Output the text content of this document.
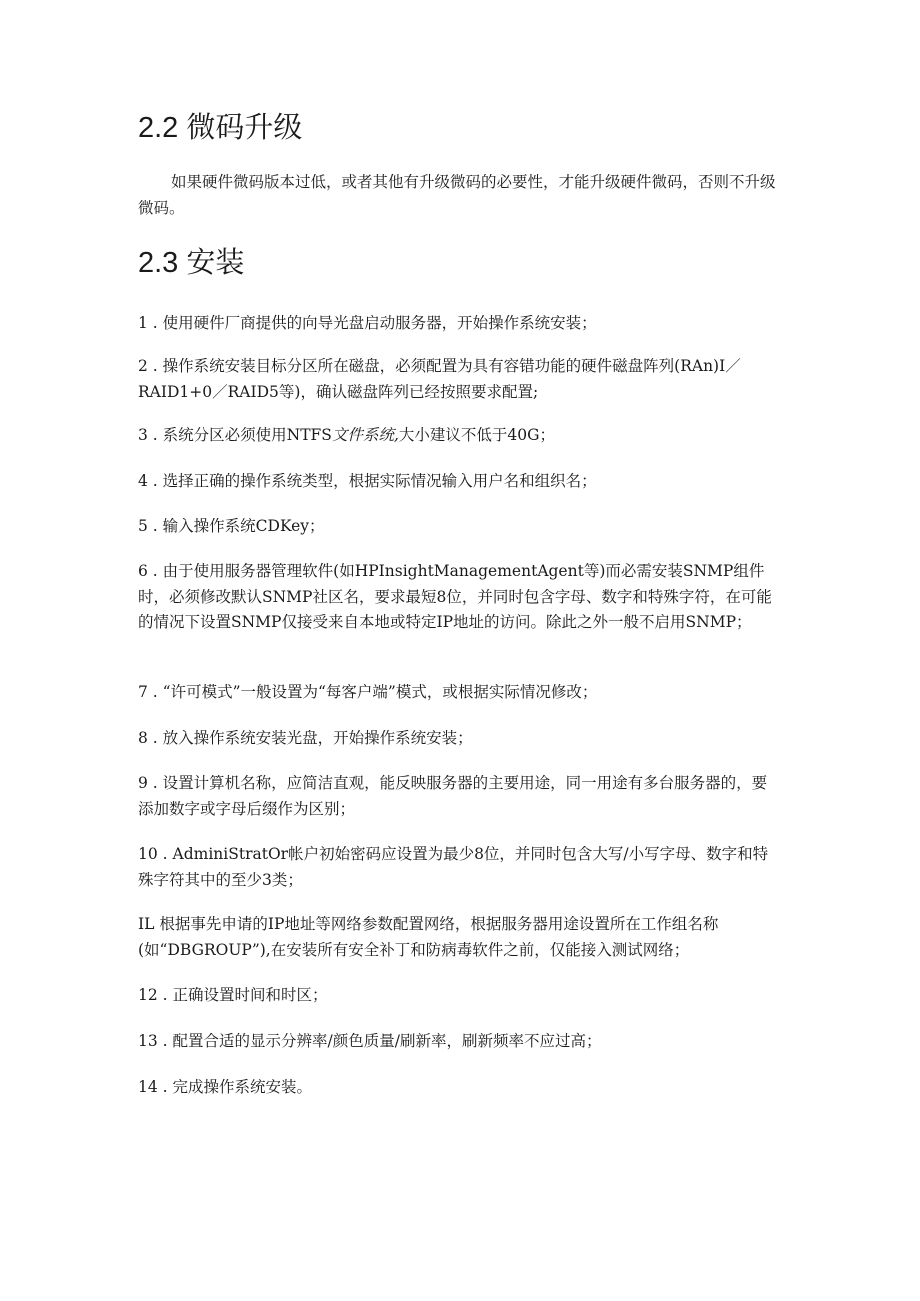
2.2 微码升级

如果硬件微码版本过低，或者其他有升级微码的必要性，才能升级硬件微码，否则不升级微码。

2.3 安装

1 . 使用硬件厂商提供的向导光盘启动服务器，开始操作系统安装；

2 . 操作系统安装目标分区所在磁盘，必须配置为具有容错功能的硬件磁盘阵列(RAn)I／RAID1+0／RAID5等)，确认磁盘阵列已经按照要求配置;

3 . 系统分区必须使用NTFS文件系统,大小建议不低于40G；

4 . 选择正确的操作系统类型，根据实际情况输入用户名和组织名；

5 . 输入操作系统CDKey；

6 . 由于使用服务器管理软件(如HPInsightManagementAgent等)而必需安装SNMP组件时，必须修改默认SNMP社区名，要求最短8位，并同时包含字母、数字和特殊字符，在可能的情况下设置SNMP仅接受来自本地或特定IP地址的访问。除此之外一般不启用SNMP；

7 . “许可模式”一般设置为“每客户端”模式，或根据实际情况修改；

8 . 放入操作系统安装光盘，开始操作系统安装；

9 . 设置计算机名称，应简洁直观，能反映服务器的主要用途，同一用途有多台服务器的，要添加数字或字母后缀作为区别；

10 . AdminiStratOr帐户初始密码应设置为最少8位，并同时包含大写/小写字母、数字和特殊字符其中的至少3类；

IL 根据事先申请的IP地址等网络参数配置网络，根据服务器用途设置所在工作组名称(如“DBGROUP”),在安装所有安全补丁和防病毒软件之前，仅能接入测试网络；

12 . 正确设置时间和时区；

13 . 配置合适的显示分辨率/颜色质量/刷新率，刷新频率不应过高；

14 . 完成操作系统安装。
